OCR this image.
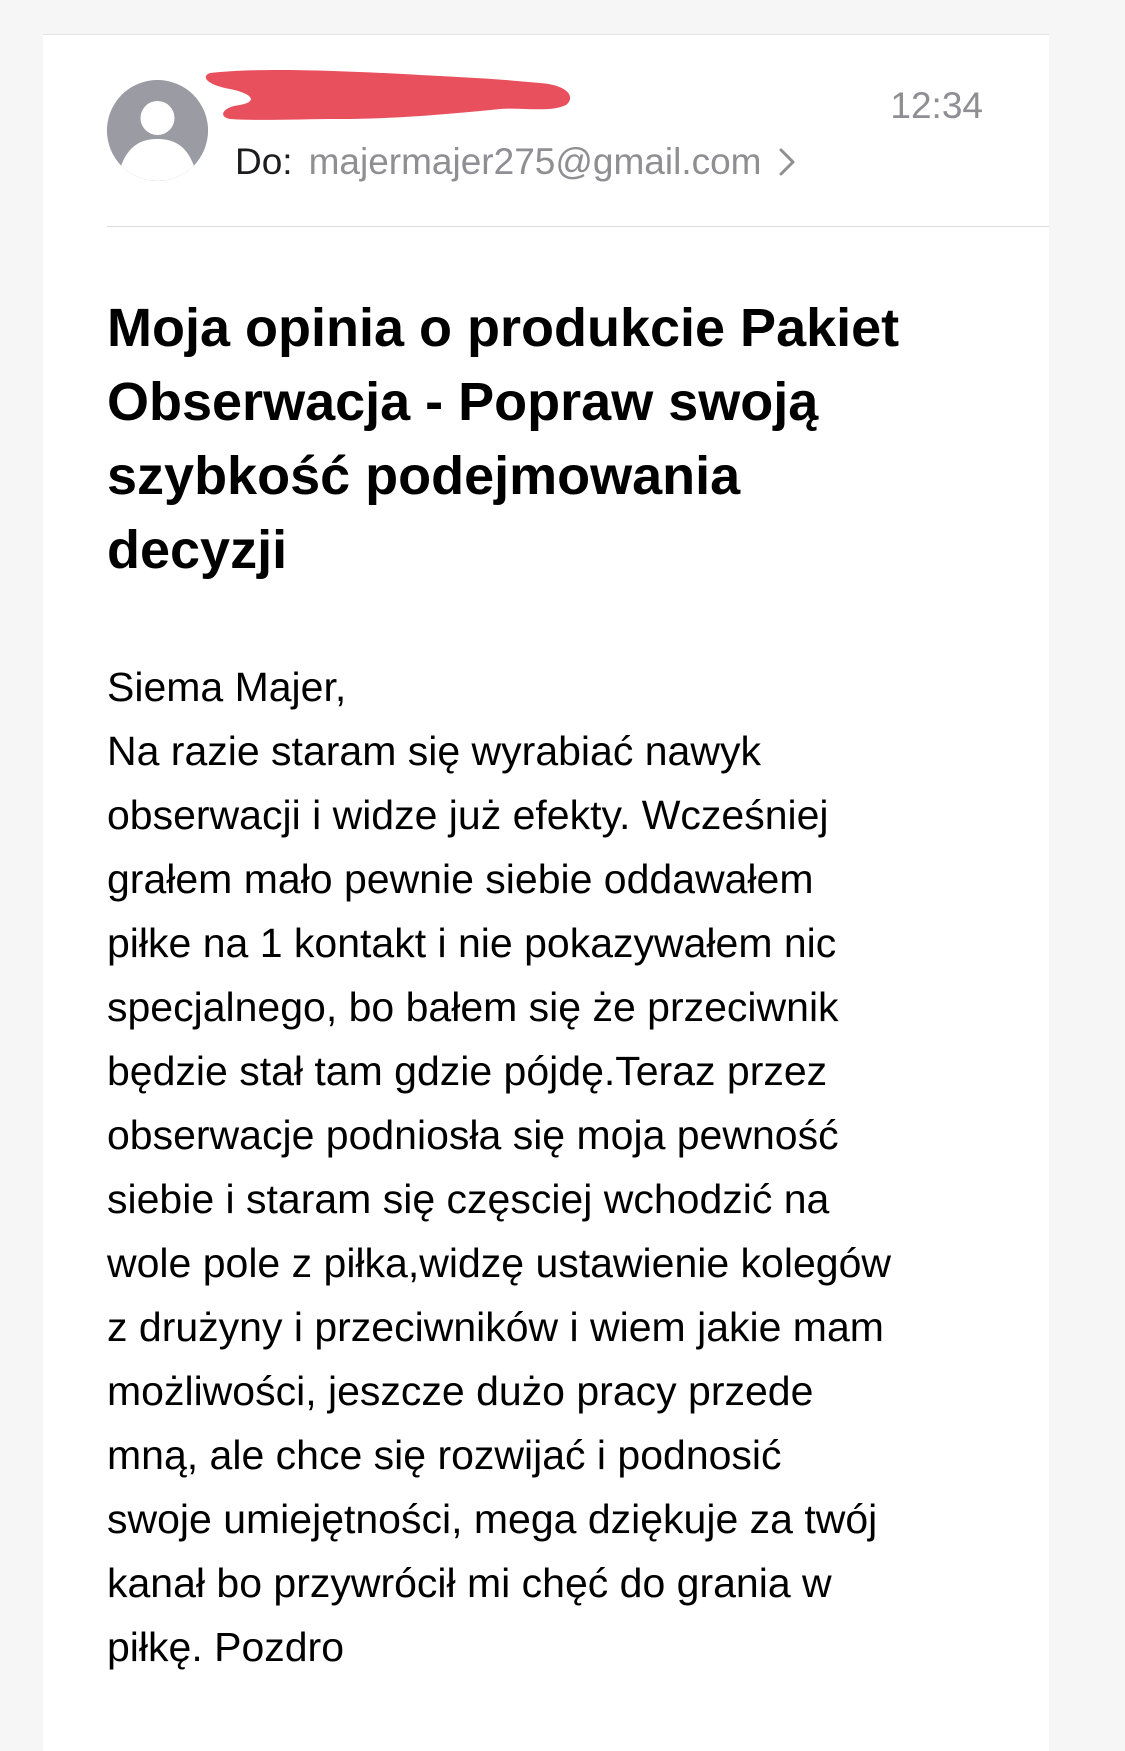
Do: majermajer275@gmail.com
12:34
Moja opinia o produkcie Pakiet
Obserwacja - Popraw swoją
szybkość podejmowania
decyzji
Siema Majer,
Na razie staram się wyrabiać nawyk
obserwacji i widze już efekty. Wcześniej
grałem mało pewnie siebie oddawałem
piłke na 1 kontakt i nie pokazywałem nic
specjalnego, bo bałem się że przeciwnik
będzie stał tam gdzie pójdę.Teraz przez
obserwacje podniosła się moja pewność
siebie i staram się częsciej wchodzić na
wole pole z piłka,widzę ustawienie kolegów
z drużyny i przeciwników i wiem jakie mam
możliwości, jeszcze dużo pracy przede
mną, ale chce się rozwijać i podnosić
swoje umiejętności, mega dziękuje za twój
kanał bo przywrócił mi chęć do grania w
piłkę. Pozdro
